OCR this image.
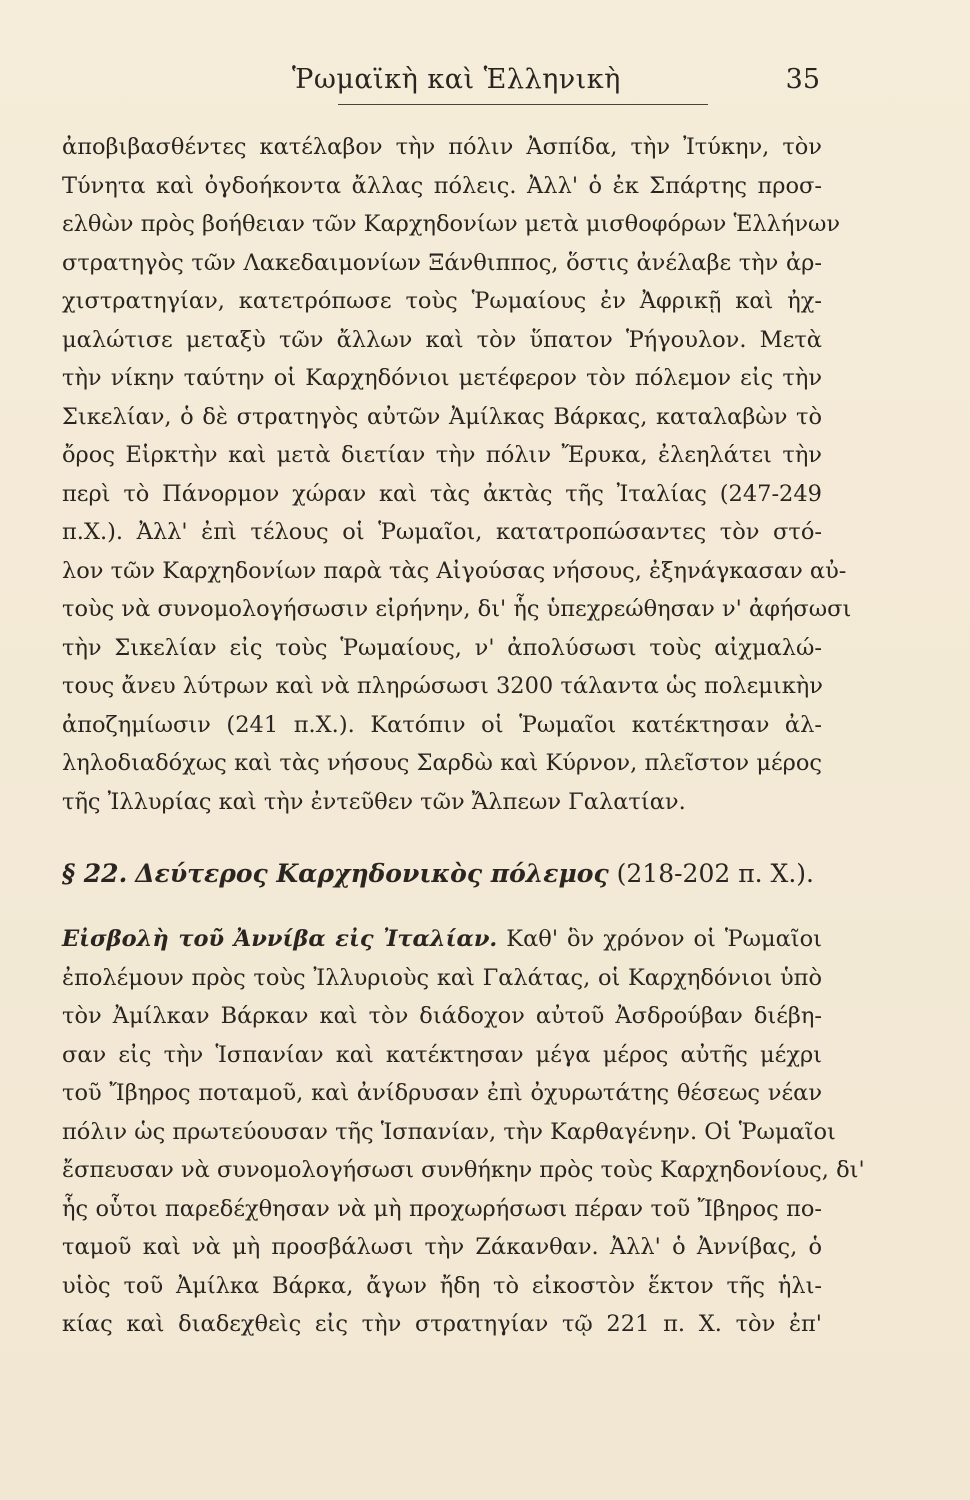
Ῥωμαϊκὴ καὶ Ἑλληνικὴ	35
ἀποβιβασθέντες κατέλαβον τὴν πόλιν Ἀσπίδα, τὴν Ἰτύκην, τὸν
Τύνητα καὶ ὀγδοήκοντα ἄλλας πόλεις. Ἀλλ' ὁ ἐκ Σπάρτης προσ-
ελθὼν πρὸς βοήθειαν τῶν Καρχηδονίων μετὰ μισθοφόρων Ἑλλήνων
στρατηγὸς τῶν Λακεδαιμονίων Ξάνθιππος, ὅστις ἀνέλαβε τὴν ἀρ-
χιστρατηγίαν, κατετρόπωσε τοὺς Ῥωμαίους ἐν Ἀφρικῇ καὶ ἠχ-
μαλώτισε μεταξὺ τῶν ἄλλων καὶ τὸν ὕπατον Ῥήγουλον. Μετὰ
τὴν νίκην ταύτην οἱ Καρχηδόνιοι μετέφερον τὸν πόλεμον εἰς τὴν
Σικελίαν, ὁ δὲ στρατηγὸς αὐτῶν Ἀμίλκας Βάρκας, καταλαβὼν τὸ
ὄρος Εἱρκτὴν καὶ μετὰ διετίαν τὴν πόλιν Ἔρυκα, ἐλεηλάτει τὴν
περὶ τὸ Πάνορμον χώραν καὶ τὰς ἀκτὰς τῆς Ἰταλίας (247-249
π.Χ.). Ἀλλ' ἐπὶ τέλους οἱ Ῥωμαῖοι, κατατροπώσαντες τὸν στό-
λον τῶν Καρχηδονίων παρὰ τὰς Αἰγούσας νήσους, ἐξηνάγκασαν αὐ-
τοὺς νὰ συνομολογήσωσιν εἰρήνην, δι' ἧς ὑπεχρεώθησαν ν' ἀφήσωσι
τὴν Σικελίαν εἰς τοὺς Ῥωμαίους, ν' ἀπολύσωσι τοὺς αἰχμαλώ-
τους ἄνευ λύτρων καὶ νὰ πληρώσωσι 3200 τάλαντα ὡς πολεμικὴν
ἀποζημίωσιν (241 π.Χ.). Κατόπιν οἱ Ῥωμαῖοι κατέκτησαν ἀλ-
ληλοδιαδόχως καὶ τὰς νήσους Σαρδὼ καὶ Κύρνον, πλεῖστον μέρος
τῆς Ἰλλυρίας καὶ τὴν ἐντεῦθεν τῶν Ἄλπεων Γαλατίαν.
§ 22. Δεύτερος Καρχηδονικὸς πόλεμος (218-202 π. Χ.).
Εἰσβολὴ τοῦ Ἀννίβα εἰς Ἰταλίαν. Καθ' ὃν χρόνον οἱ Ῥωμαῖοι
ἐπολέμουν πρὸς τοὺς Ἰλλυριοὺς καὶ Γαλάτας, οἱ Καρχηδόνιοι ὑπὸ
τὸν Ἀμίλκαν Βάρκαν καὶ τὸν διάδοχον αὐτοῦ Ἀσδρούβαν διέβη-
σαν εἰς τὴν Ἱσπανίαν καὶ κατέκτησαν μέγα μέρος αὐτῆς μέχρι
τοῦ Ἴβηρος ποταμοῦ, καὶ ἀνίδρυσαν ἐπὶ ὀχυρωτάτης θέσεως νέαν
πόλιν ὡς πρωτεύουσαν τῆς Ἱσπανίαν, τὴν Καρθαγένην. Οἱ Ῥωμαῖοι
ἔσπευσαν νὰ συνομολογήσωσι συνθήκην πρὸς τοὺς Καρχηδονίους, δι'
ἧς οὗτοι παρεδέχθησαν νὰ μὴ προχωρήσωσι πέραν τοῦ Ἴβηρος πο-
ταμοῦ καὶ νὰ μὴ προσβάλωσι τὴν Ζάκανθαν. Ἀλλ' ὁ Ἀννίβας, ὁ
υἱὸς τοῦ Ἀμίλκα Βάρκα, ἄγων ἤδη τὸ εἰκοστὸν ἕκτον τῆς ἡλι-
κίας καὶ διαδεχθεὶς εἰς τὴν στρατηγίαν τῷ 221 π. Χ. τὸν ἐπ'
